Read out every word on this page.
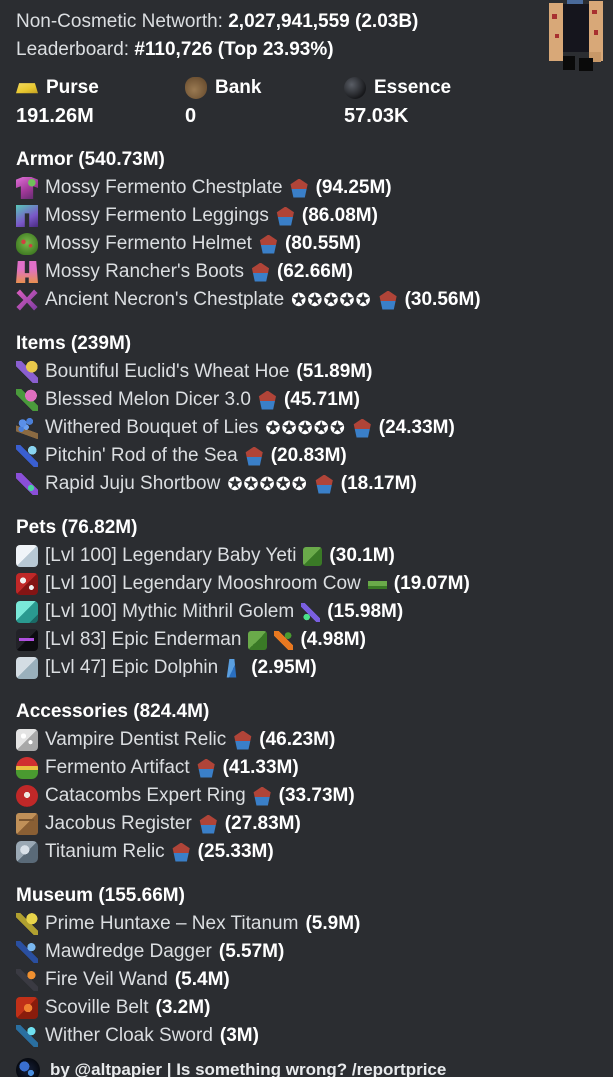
Non-Cosmetic Networth: 2,027,941,559 (2.03B)
Leaderboard: #110,726 (Top 23.93%)
Purse
191.26M
Bank
0
Essence
57.03K
Armor (540.73M)
Mossy Fermento Chestplate (94.25M)
Mossy Fermento Leggings (86.08M)
Mossy Fermento Helmet (80.55M)
Mossy Rancher's Boots (62.66M)
Ancient Necron's Chestplate ✪✪✪✪✪ (30.56M)
Items (239M)
Bountiful Euclid's Wheat Hoe (51.89M)
Blessed Melon Dicer 3.0 (45.71M)
Withered Bouquet of Lies ✪✪✪✪✪ (24.33M)
Pitchin' Rod of the Sea (20.83M)
Rapid Juju Shortbow ✪✪✪✪✪ (18.17M)
Pets (76.82M)
[Lvl 100] Legendary Baby Yeti (30.1M)
[Lvl 100] Legendary Mooshroom Cow (19.07M)
[Lvl 100] Mythic Mithril Golem (15.98M)
[Lvl 83] Epic Enderman	(4.98M)
[Lvl 47] Epic Dolphin (2.95M)
Accessories (824.4M)
Vampire Dentist Relic (46.23M)
Fermento Artifact (41.33M)
Catacombs Expert Ring (33.73M)
Jacobus Register (27.83M)
Titanium Relic (25.33M)
Museum (155.66M)
Prime Huntaxe – Nex Titanum (5.9M)
Mawdredge Dagger (5.57M)
Fire Veil Wand (5.4M)
Scoville Belt (3.2M)
Wither Cloak Sword (3M)
by @altpapier | Is something wrong? /reportprice
